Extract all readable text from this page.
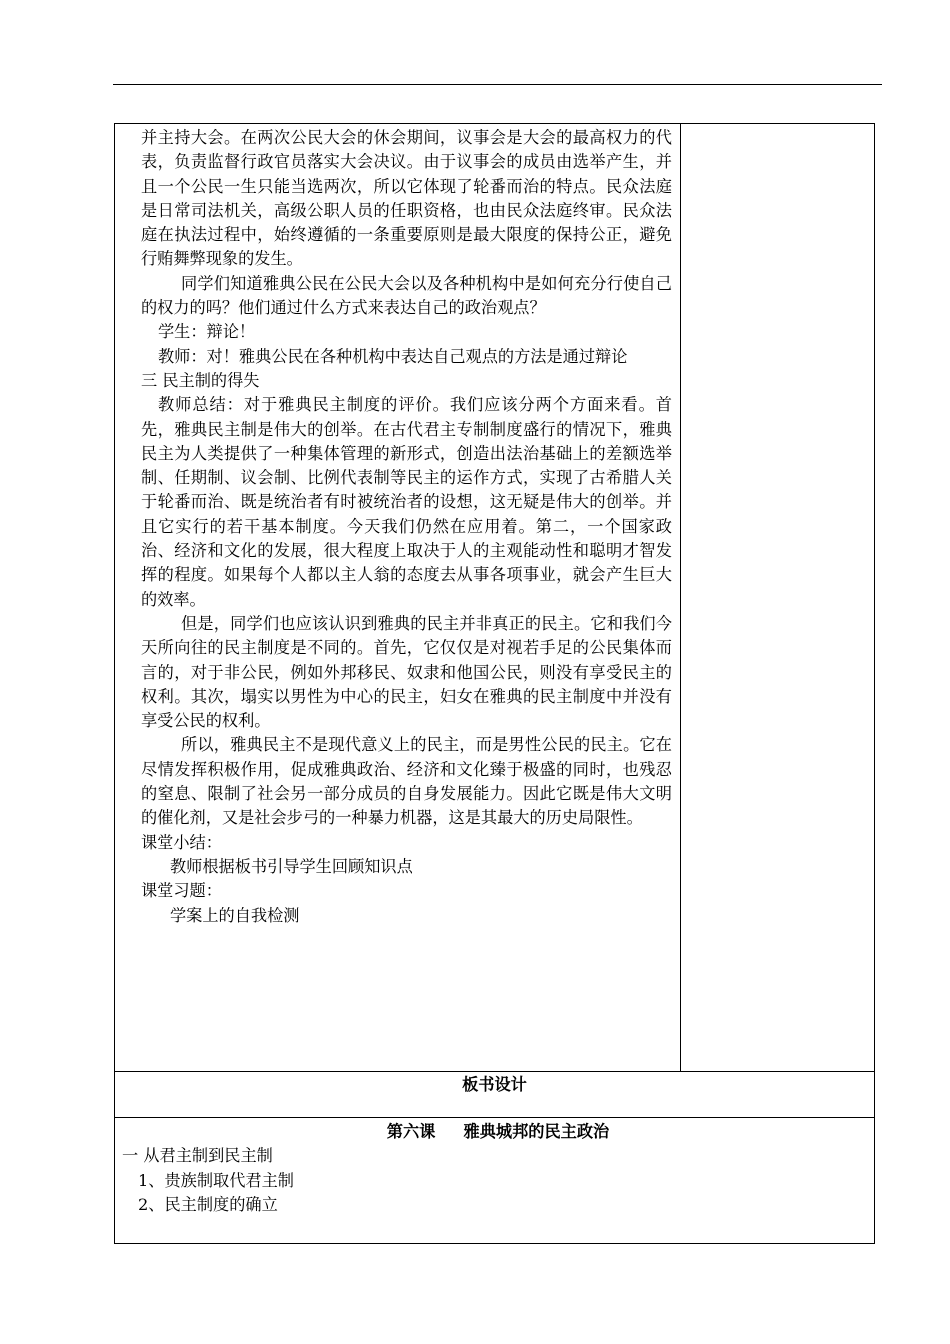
并主持大会。在两次公民大会的休会期间，议事会是大会的最高权力的代表，负责监督行政官员落实大会决议。由于议事会的成员由选举产生，并且一个公民一生只能当选两次，所以它体现了轮番而治的特点。民众法庭是日常司法机关，高级公职人员的任职资格，也由民众法庭终审。民众法庭在执法过程中，始终遵循的一条重要原则是最大限度的保持公正，避免行贿舞弊现象的发生。

同学们知道雅典公民在公民大会以及各种机构中是如何充分行使自己的权力的吗？他们通过什么方式来表达自己的政治观点？

学生：辩论！

教师：对！雅典公民在各种机构中表达自己观点的方法是通过辩论

三 民主制的得失

教师总结：对于雅典民主制度的评价。我们应该分两个方面来看。首先，雅典民主制是伟大的创举。在古代君主专制制度盛行的情况下，雅典民主为人类提供了一种集体管理的新形式，创造出法治基础上的差额选举制、任期制、议会制、比例代表制等民主的运作方式，实现了古希腊人关于轮番而治、既是统治者有时被统治者的设想，这无疑是伟大的创举。并且它实行的若干基本制度。今天我们仍然在应用着。第二，一个国家政治、经济和文化的发展，很大程度上取决于人的主观能动性和聪明才智发挥的程度。如果每个人都以主人翁的态度去从事各项事业，就会产生巨大的效率。

但是，同学们也应该认识到雅典的民主并非真正的民主。它和我们今天所向往的民主制度是不同的。首先，它仅仅是对视若手足的公民集体而言的，对于非公民，例如外邦移民、奴隶和他国公民，则没有享受民主的权利。其次，塌实以男性为中心的民主，妇女在雅典的民主制度中并没有享受公民的权利。

所以，雅典民主不是现代意义上的民主，而是男性公民的民主。它在尽情发挥积极作用，促成雅典政治、经济和文化臻于极盛的同时，也残忍的窒息、限制了社会另一部分成员的自身发展能力。因此它既是伟大文明的催化剂，又是社会步弓的一种暴力机器，这是其最大的历史局限性。

课堂小结：

教师根据板书引导学生回顾知识点

课堂习题：

学案上的自我检测

板书设计

第六课     雅典城邦的民主政治

一 从君主制到民主制

1、贵族制取代君主制

2、民主制度的确立
